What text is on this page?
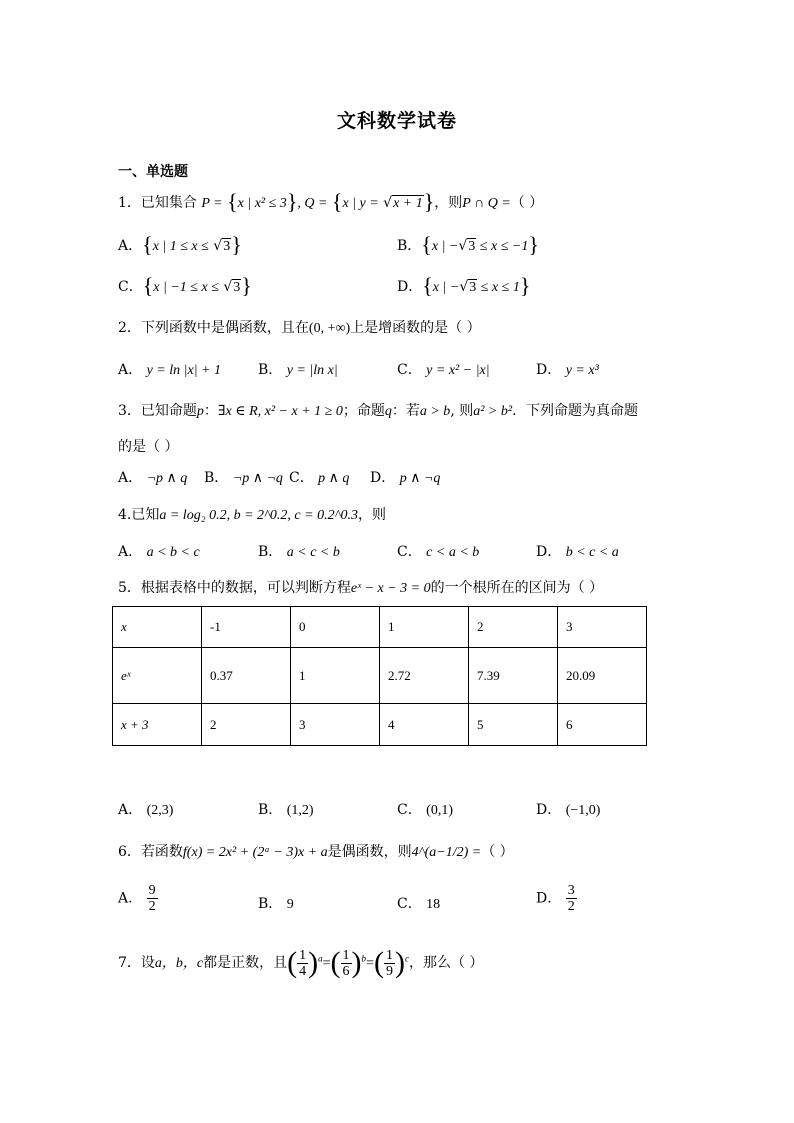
文科数学试卷
一、单选题
1．已知集合 P = {x | x² ≤ 3}, Q = {x | y = √x + 1}，则P ∩ Q =（ ）
A．{x | 1 ≤ x ≤ √3}	B．{x | −√3 ≤ x ≤ −1}
C．{x | −1 ≤ x ≤ √3}	D．{x | −√3 ≤ x ≤ 1}
2．下列函数中是偶函数，且在(0, +∞)上是增函数的是（ ）
A． y = ln |x| + 1	B． y = |ln x|	C． y = x² − |x|	D． y = x³
3．已知命题p：∃x ∈ R, x² − x + 1 ≥ 0；命题q：若a > b, 则a² > b²．下列命题为真命题
的是（ ）
A． ¬p ∧ q B． ¬p ∧ ¬q C． p ∧ q D． p ∧ ¬q
4.已知a = log₂ 0.2, b = 2^0.2, c = 0.2^0.3，则
A． a < b < c	B． a < c < b	C． c < a < b	D． b < c < a
5．根据表格中的数据，可以判断方程eˣ − x − 3 = 0的一个根所在的区间为（ ）
x	-1	0	1	2	3
eˣ	0.37	1	2.72	7.39	20.09
x + 3	2	3	4	5	6
A． (2,3)	B． (1,2)	C． (0,1)	D． (−1,0)
6．若函数f(x) = 2x² + (2ᵃ − 3)x + a是偶函数，则4^(a−1/2) =（ ）
A． $\frac{9}{2}$	B． 9	C． 18	D． $\frac{3}{2}$
7．设a，b，c都是正数，且( $\frac{1}{4} )^a=( \frac{1}{6} )^b=( \frac{1}{9} )^c$，那么（ ）
